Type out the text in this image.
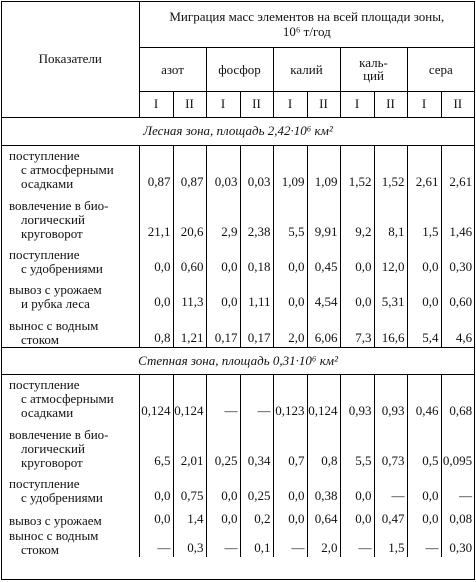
Показатели	Миграция масс элементов на всей площади зоны,
10⁶ т/год									

	азот		фосфор		калий		каль-
ций		сера	

	I	II	I	II	I	II	I	II	I	II
Лесная зона, площадь 2,42·10⁶ км²										

поступление
с атмосферными
осадками	0,87	0,87	0,03	0,03	1,09	1,09	1,52	1,52	2,61	2,61

вовлечение в био-
логический
круговорот	21,1	20,6	2,9	2,38	5,5	9,91	9,2	8,1	1,5	1,46

поступление
с удобрениями	0,0	0,60	0,0	0,18	0,0	0,45	0,0	12,0	0,0	0,30

вывоз с урожаем
и рубка леса	0,0	11,3	0,0	1,11	0,0	4,54	0,0	5,31	0,0	0,60

вынос с водным
стоком	0,8	1,21	0,17	0,17	2,0	6,06	7,3	16,6	5,4	4,6
Степная зона, площадь 0,31·10⁶ км²										

поступление
с атмосферными
осадками	0,124	0,124	—	—	0,123	0,124	0,93	0,93	0,46	0,68

вовлечение в био-
логический
круговорот	6,5	2,01	0,25	0,34	0,7	0,8	5,5	0,73	0,5	0,095

поступление
с удобрениями	0,0	0,75	0,0	0,25	0,0	0,38	0,0	—	0,0	—

вывоз с урожаем	0,0	1,4	0,0	0,2	0,0	0,64	0,0	0,47	0,0	0,08

вынос с водным
стоком	—	0,3	—	0,1	—	2,0	—	1,5	—	0,30
